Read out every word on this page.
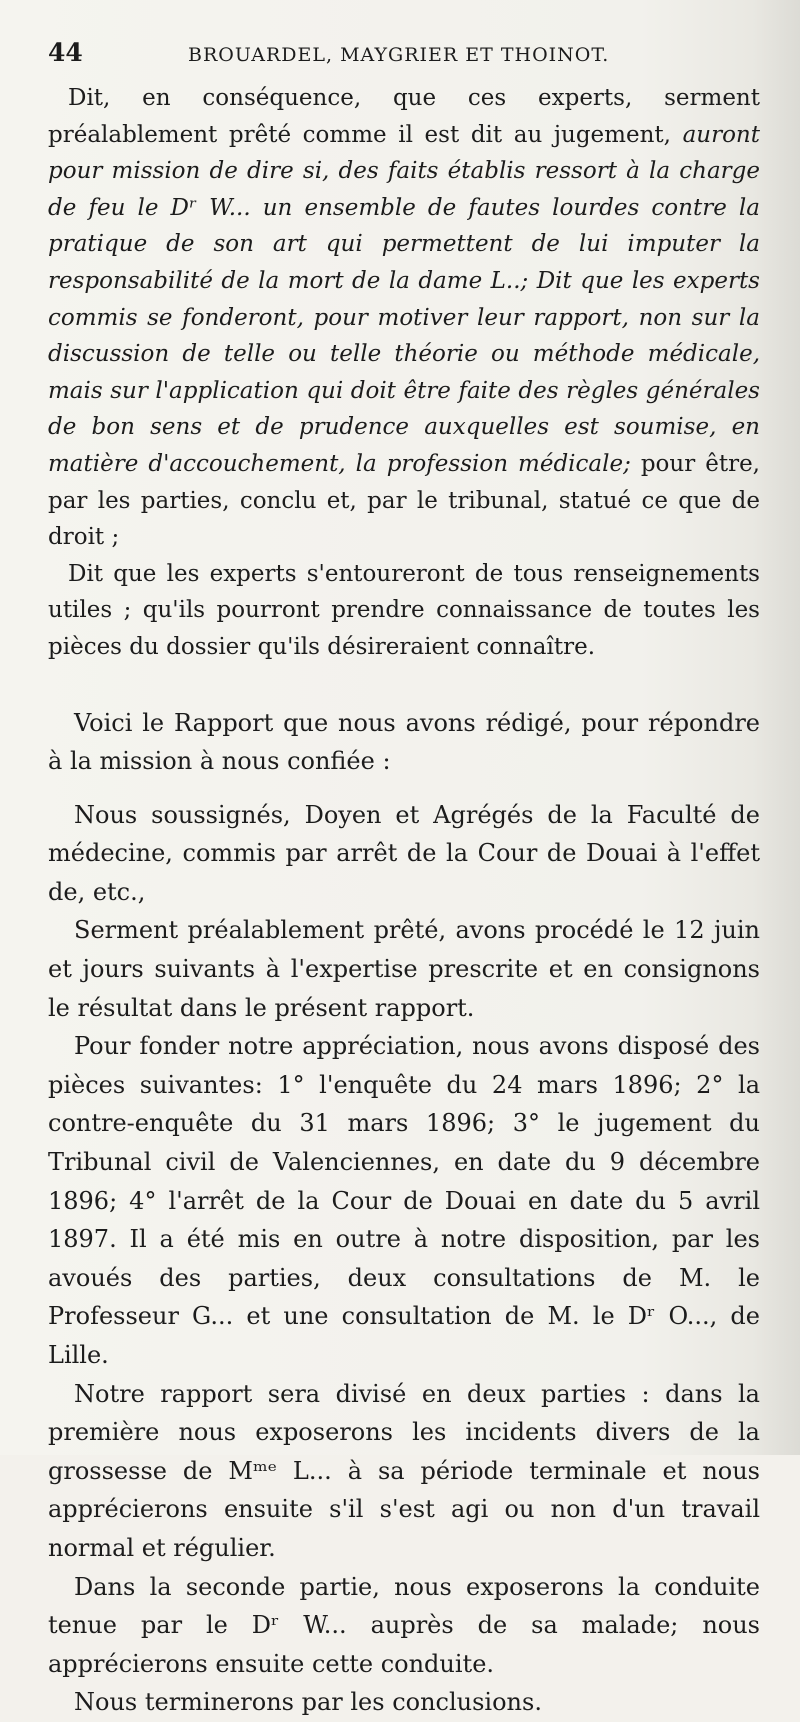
44	BROUARDEL, MAYGRIER ET THOINOT.

Dit, en conséquence, que ces experts, serment préalablement prêté comme il est dit au jugement, auront pour mission de dire si, des faits établis ressort à la charge de feu le Dʳ W... un ensemble de fautes lourdes contre la pratique de son art qui permettent de lui imputer la responsabilité de la mort de la dame L..; Dit que les experts commis se fonderont, pour motiver leur rapport, non sur la discussion de telle ou telle théorie ou méthode médicale, mais sur l'application qui doit être faite des règles générales de bon sens et de prudence auxquelles est soumise, en matière d'accouchement, la profession médicale; pour être, par les parties, conclu et, par le tribunal, statué ce que de droit ;

Dit que les experts s'entoureront de tous renseignements utiles ; qu'ils pourront prendre connaissance de toutes les pièces du dossier qu'ils désireraient connaître.

Voici le Rapport que nous avons rédigé, pour répondre à la mission à nous confiée :

Nous soussignés, Doyen et Agrégés de la Faculté de médecine, commis par arrêt de la Cour de Douai à l'effet de, etc.,

Serment préalablement prêté, avons procédé le 12 juin et jours suivants à l'expertise prescrite et en consignons le résultat dans le présent rapport.

Pour fonder notre appréciation, nous avons disposé des pièces suivantes: 1° l'enquête du 24 mars 1896; 2° la contre-enquête du 31 mars 1896; 3° le jugement du Tribunal civil de Valenciennes, en date du 9 décembre 1896; 4° l'arrêt de la Cour de Douai en date du 5 avril 1897. Il a été mis en outre à notre disposition, par les avoués des parties, deux consultations de M. le Professeur G... et une consultation de M. le Dʳ O..., de Lille.

Notre rapport sera divisé en deux parties : dans la première nous exposerons les incidents divers de la grossesse de Mᵐᵉ L... à sa période terminale et nous apprécierons ensuite s'il s'est agi ou non d'un travail normal et régulier.

Dans la seconde partie, nous exposerons la conduite tenue par le Dʳ W... auprès de sa malade; nous apprécierons ensuite cette conduite.

Nous terminerons par les conclusions.
